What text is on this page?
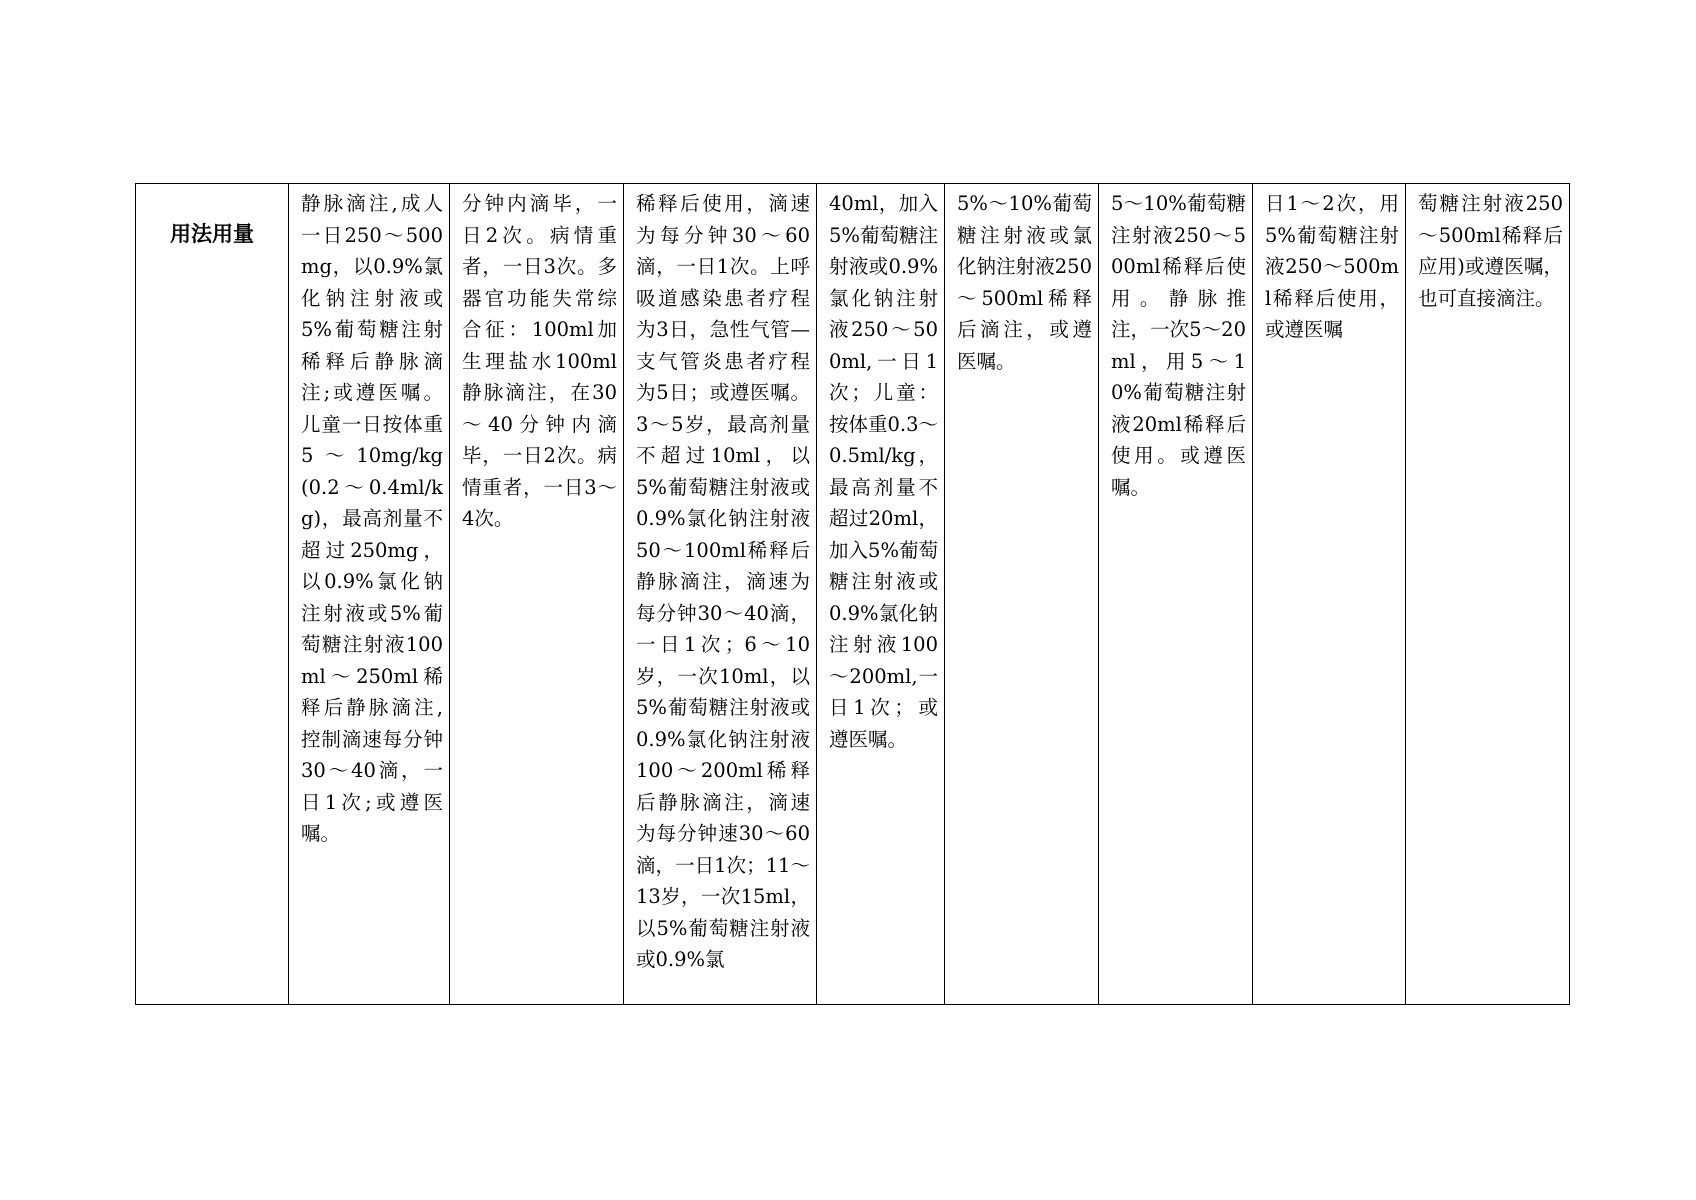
用法用量	静脉滴注,成人一日250～500mg，以0.9%氯化钠注射液或5%葡萄糖注射稀释后静脉滴注;或遵医嘱。儿童一日按体重5～10mg/kg(0.2～0.4ml/kg)，最高剂量不超过250mg，以0.9%氯化钠注射液或5%葡萄糖注射液100ml～250ml稀释后静脉滴注,控制滴速每分钟30～40滴，一日1次;或遵医嘱。	分钟内滴毕，一日2次。病情重者，一日3次。多器官功能失常综合征：100ml加生理盐水100ml静脉滴注，在30～40分钟内滴毕，一日2次。病情重者，一日3～4次。	稀释后使用，滴速为每分钟30～60滴，一日1次。上呼吸道感染患者疗程为3日，急性气管—支气管炎患者疗程为5日；或遵医嘱。3～5岁，最高剂量不超过10ml，以5%葡萄糖注射液或0.9%氯化钠注射液50～100ml稀释后静脉滴注，滴速为每分钟30～40滴，一日1次；6～10岁，一次10ml，以5%葡萄糖注射液或0.9%氯化钠注射液100～200ml稀释后静脉滴注，滴速为每分钟速30～60滴，一日1次；11～13岁，一次15ml，以5%葡萄糖注射液或0.9%氯	40ml，加入5%葡萄糖注射液或0.9%氯化钠注射液250～500ml,一日1次；儿童：按体重0.3～0.5ml/kg，最高剂量不超过20ml，加入5%葡萄糖注射液或0.9%氯化钠注射液100～200ml,一日1次；或遵医嘱。	5%～10%葡萄糖注射液或氯化钠注射液250～500ml稀释后滴注，或遵医嘱。	5～10%葡萄糖注射液250～500ml稀释后使用。静脉推注，一次5～20ml，用5～10%葡萄糖注射液20ml稀释后使用。或遵医嘱。	日1～2次，用5%葡萄糖注射液250～500ml稀释后使用，或遵医嘱	萄糖注射液250～500ml稀释后应用)或遵医嘱，也可直接滴注。
